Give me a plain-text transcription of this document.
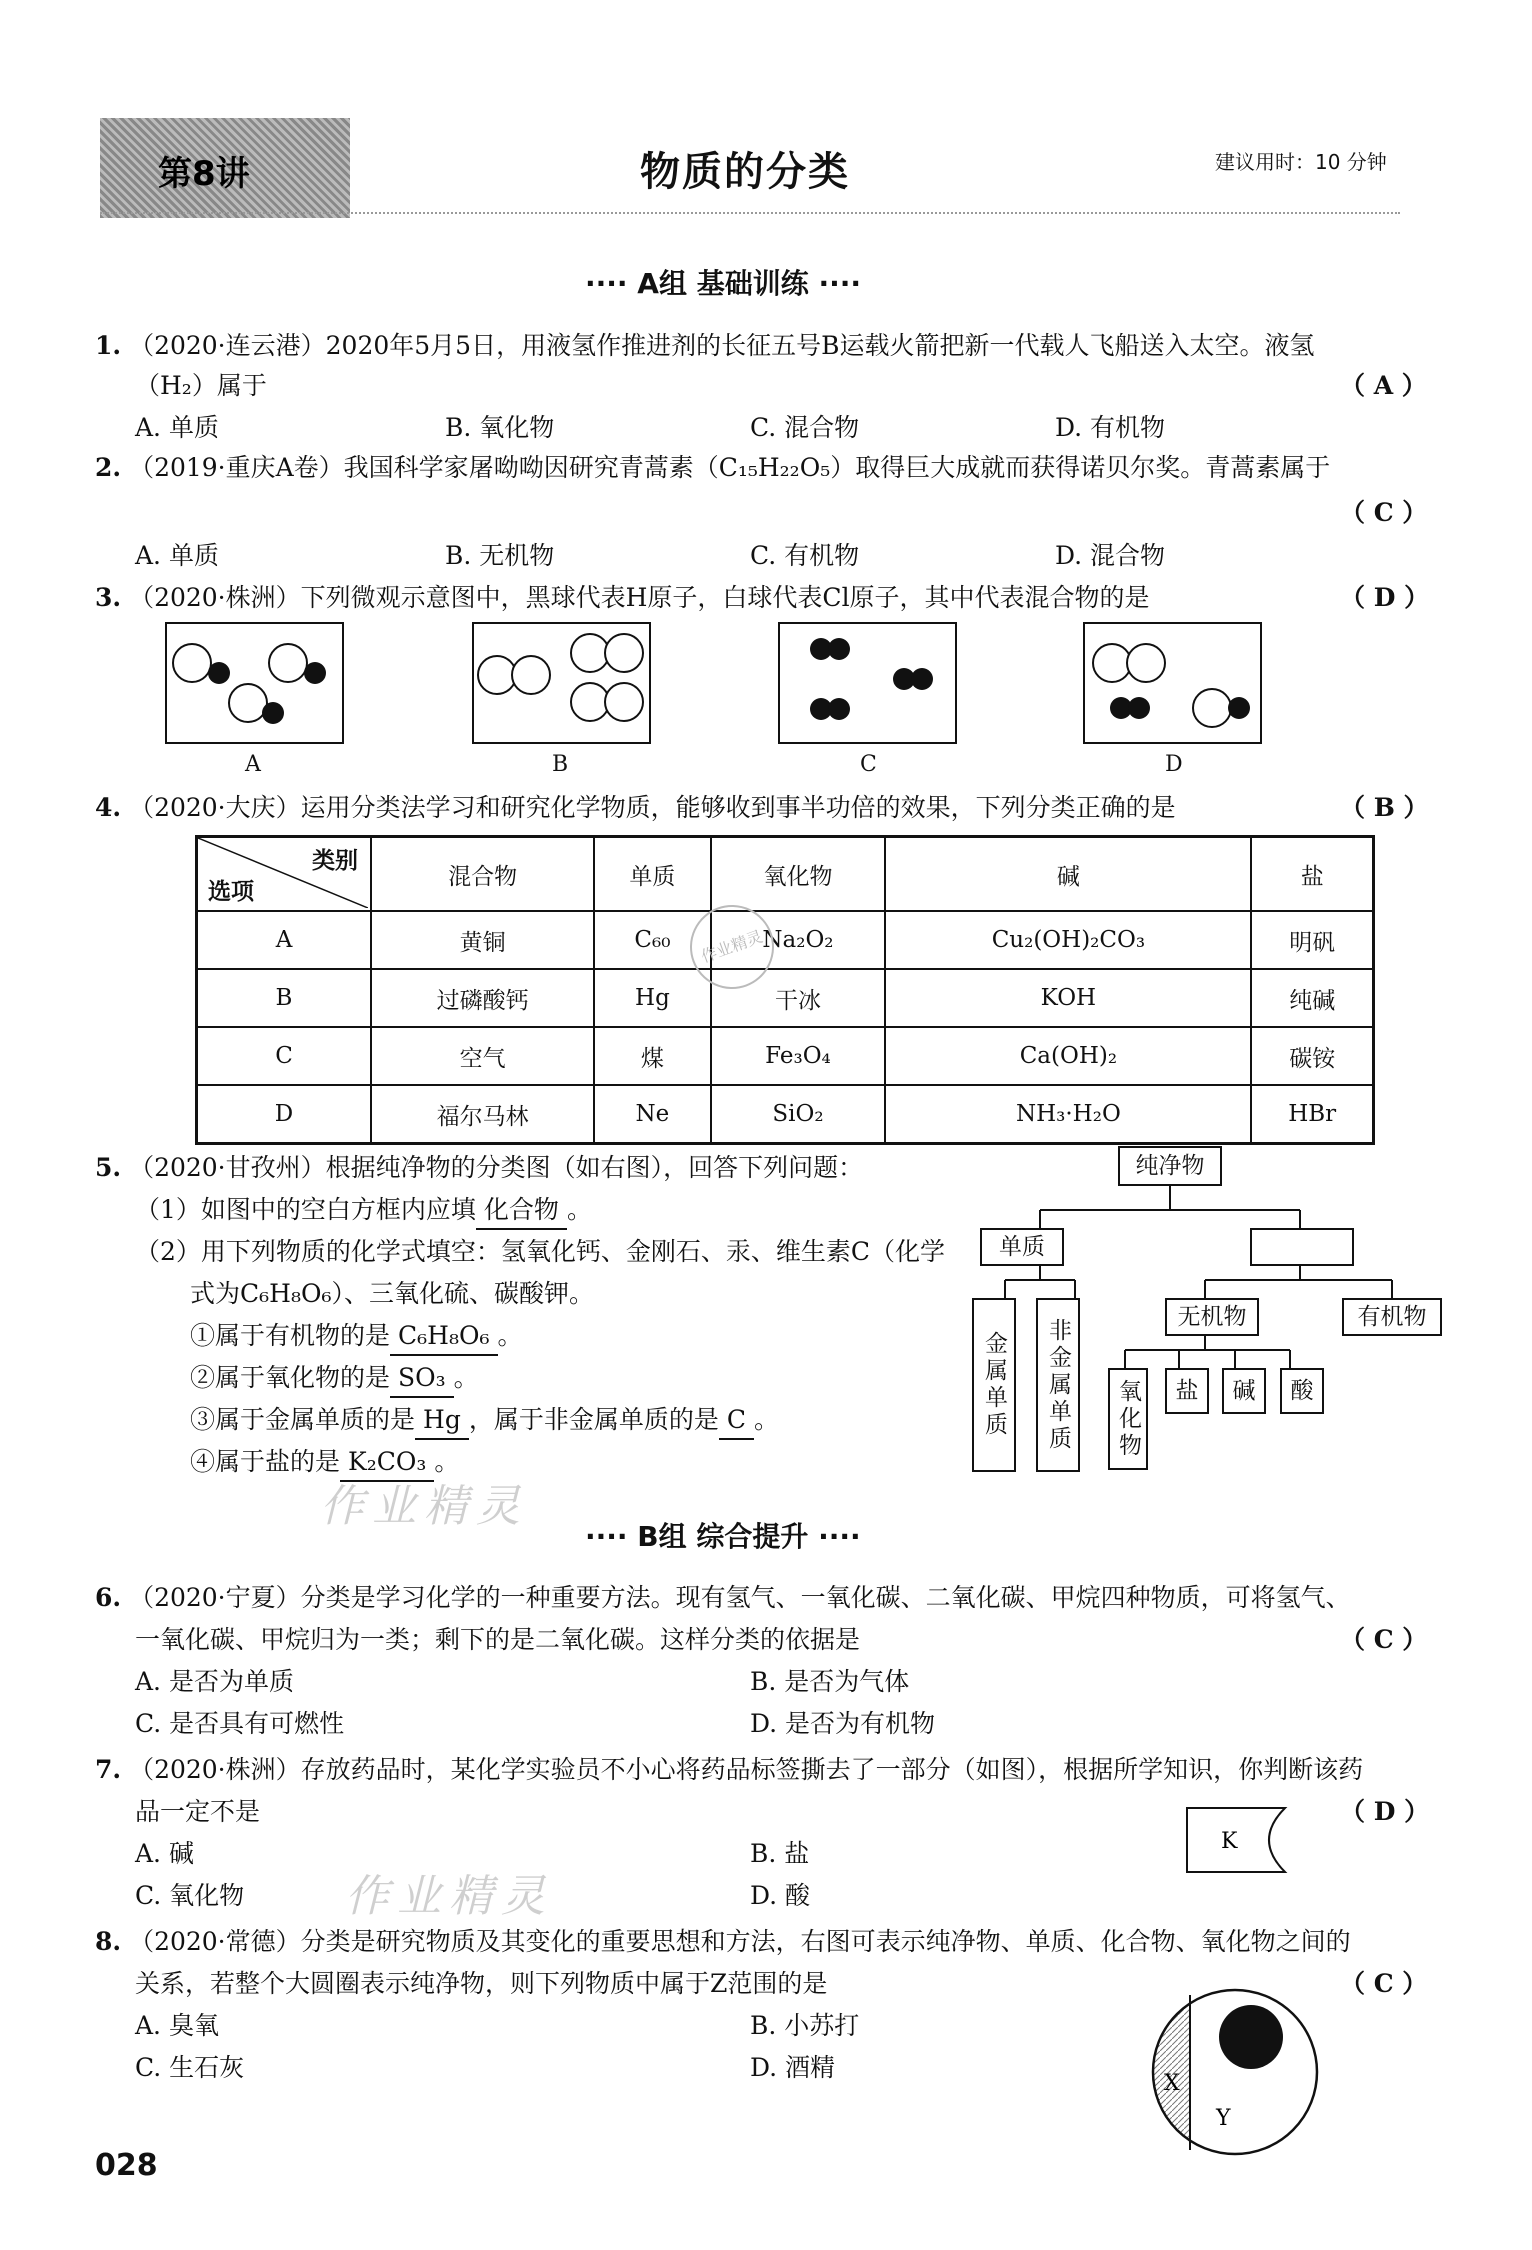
第8讲	物质的分类	建议用时：10 分钟
···· A组 基础训练 ····
1. （2020·连云港）2020年5月5日，用液氢作推进剂的长征五号B运载火箭把新一代载人飞船送入太空。液氢
（H₂）属于	（ A ）
A. 单质	B. 氧化物	C. 混合物	D. 有机物
2. （2019·重庆A卷）我国科学家屠呦呦因研究青蒿素（C₁₅H₂₂O₅）取得巨大成就而获得诺贝尔奖。青蒿素属于
（ C ）
A. 单质	B. 无机物	C. 有机物	D. 混合物
3. （2020·株洲）下列微观示意图中，黑球代表H原子，白球代表Cl原子，其中代表混合物的是	（ D ）
A	B	C	D
4. （2020·大庆）运用分类法学习和研究化学物质，能够收到事半功倍的效果，下列分类正确的是	（ B ）
类别
选项	混合物	单质	氧化物	碱	盐
A	黄铜	C₆₀	Na₂O₂	Cu₂(OH)₂CO₃	明矾
B	过磷酸钙	Hg	干冰	KOH	纯碱
C	空气	煤	Fe₃O₄	Ca(OH)₂	碳铵
D	福尔马林	Ne	SiO₂	NH₃·H₂O	HBr
作业精灵
5. （2020·甘孜州）根据纯净物的分类图（如右图），回答下列问题：
（1）如图中的空白方框内应填 化合物 。
（2）用下列物质的化学式填空：氢氧化钙、金刚石、汞、维生素C（化学
式为C₆H₈O₆）、三氧化硫、碳酸钾。
①属于有机物的是 C₆H₈O₆ 。
②属于氧化物的是 SO₃ 。
③属于金属单质的是 Hg ，属于非金属单质的是 C 。
④属于盐的是 K₂CO₃ 。
纯净物
单质
金属单质	非金属单质
无机物	有机物
氧化物	盐	碱	酸
作业精灵
···· B组 综合提升 ····
6. （2020·宁夏）分类是学习化学的一种重要方法。现有氢气、一氧化碳、二氧化碳、甲烷四种物质，可将氢气、
一氧化碳、甲烷归为一类；剩下的是二氧化碳。这样分类的依据是	（ C ）
A. 是否为单质	B. 是否为气体
C. 是否具有可燃性	D. 是否为有机物
7. （2020·株洲）存放药品时，某化学实验员不小心将药品标签撕去了一部分（如图），根据所学知识，你判断该药
品一定不是	（ D ）
K
A. 碱	B. 盐
C. 氧化物	D. 酸
作业精灵
8. （2020·常德）分类是研究物质及其变化的重要思想和方法，右图可表示纯净物、单质、化合物、氧化物之间的
关系，若整个大圆圈表示纯净物，则下列物质中属于Z范围的是	（ C ）
A. 臭氧	B. 小苏打
C. 生石灰	D. 酒精
X
Y
028
